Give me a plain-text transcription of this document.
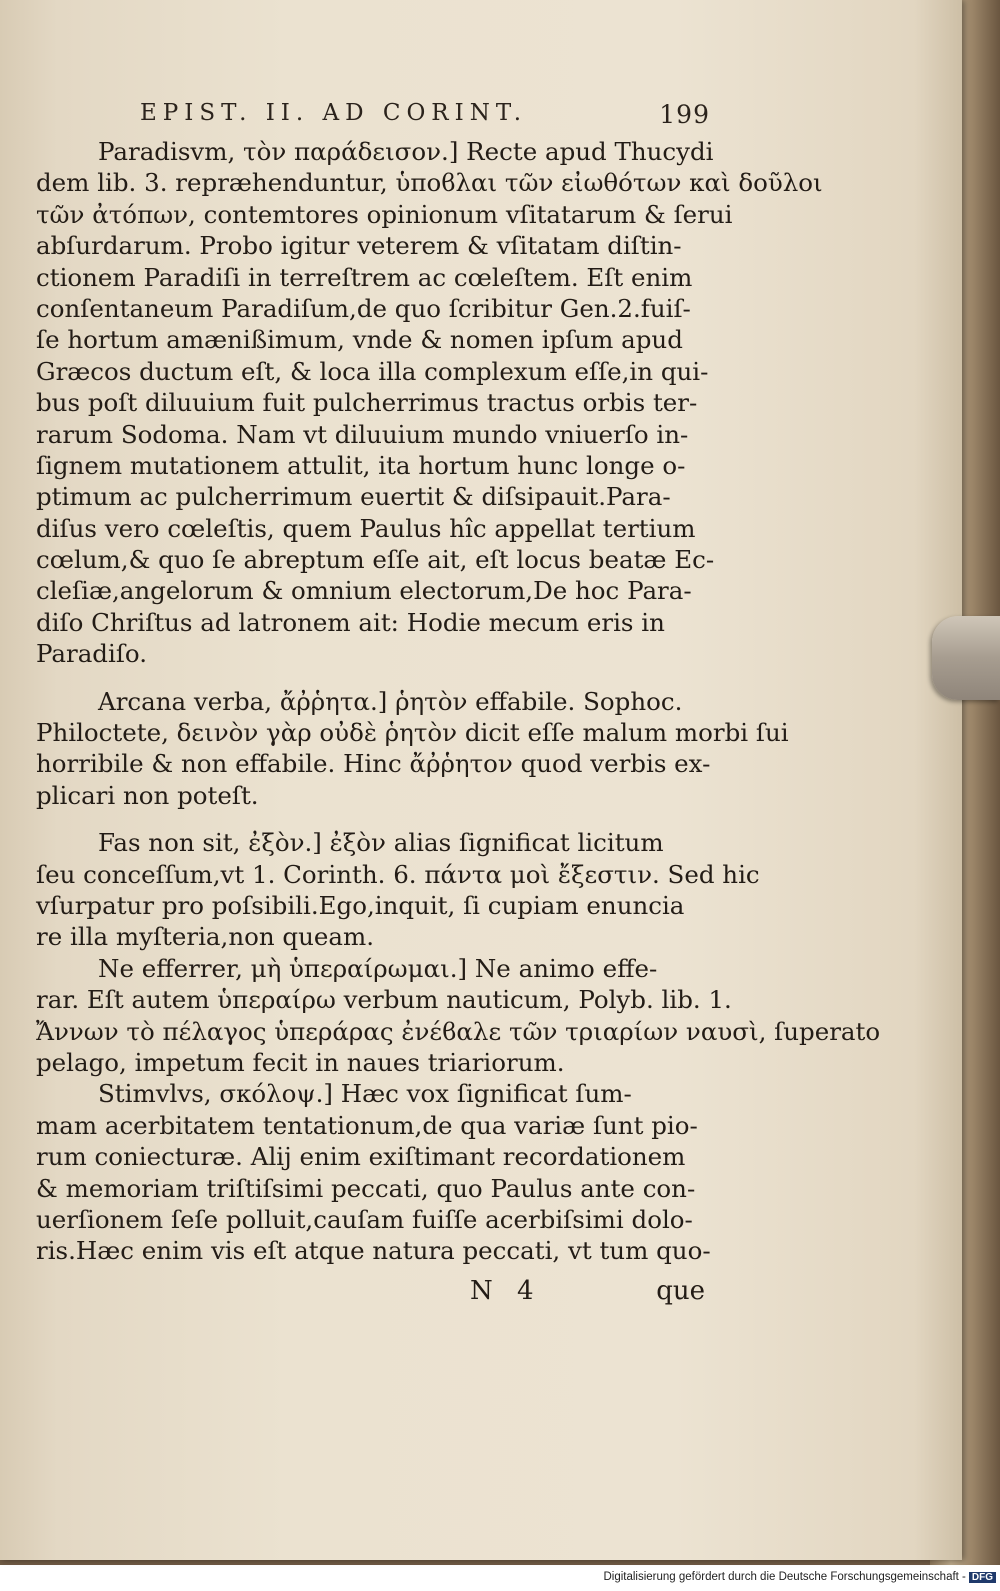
EPIST. II. AD CORINT.	199
Paradisvm, τὸν παράδεισον.] Recte apud Thucydi
dem lib. 3. repræhenduntur, ὑποϐλαι τῶν εἰωθότων καὶ δοῦλοι
τῶν ἀτόπων, contemtores opinionum vſitatarum & ſerui
abſurdarum. Probo igitur veterem & vſitatam diſtin-
ctionem Paradiſi in terreſtrem ac cœleſtem. Eſt enim
conſentaneum Paradiſum,de quo ſcribitur Gen.2.fuiſ-
ſe hortum amænißimum, vnde & nomen ipſum apud
Græcos ductum eſt, & loca illa complexum eſſe,in qui-
bus poſt diluuium fuit pulcherrimus tractus orbis ter-
rarum Sodoma. Nam vt diluuium mundo vniuerſo in-
ſignem mutationem attulit, ita hortum hunc longe o-
ptimum ac pulcherrimum euertit & diſsipauit.Para-
diſus vero cœleſtis, quem Paulus hîc appellat tertium
cœlum,& quo ſe abreptum eſſe ait, eſt locus beatæ Ec-
cleſiæ,angelorum & omnium electorum,De hoc Para-
diſo Chriſtus ad latronem ait: Hodie mecum eris in
Paradiſo.
Arcana verba, ἄῤῥητα.] ῥητὸν effabile. Sophoc.
Philoctete, δεινὸν γὰρ οὐδὲ ῥητὸν dicit eſſe malum morbi ſui
horribile & non effabile. Hinc ἄῤῥητον quod verbis ex-
plicari non poteſt.
Fas non sit, ἐξὸν.] ἐξὸν alias ſignificat licitum
ſeu conceſſum,vt 1. Corinth. 6. πάντα μοὶ ἔξεστιν. Sed hic
vſurpatur pro poſsibili.Ego,inquit, ſi cupiam enuncia
re illa myſteria,non queam.
Ne efferrer, μὴ ὑπεραίρωμαι.] Ne animo effe-
rar. Eſt autem ὑπεραίρω verbum nauticum, Polyb. lib. 1.
Ἄννων τὸ πέλαγος ὑπεράρας ἐνέϐαλε τῶν τριαρίων ναυσὶ, ſuperato
pelago, impetum fecit in naues triariorum.
Stimvlvs, σκόλοψ.] Hæc vox ſignificat ſum-
mam acerbitatem tentationum,de qua variæ ſunt pio-
rum coniecturæ. Alij enim exiſtimant recordationem
& memoriam triſtiſsimi peccati, quo Paulus ante con-
uerſionem ſeſe polluit,cauſam fuiſſe acerbiſsimi dolo-
ris.Hæc enim vis eſt atque natura peccati, vt tum quo-
N 4	que
Digitalisierung gefördert durch die Deutsche Forschungsgemeinschaft - DFG
